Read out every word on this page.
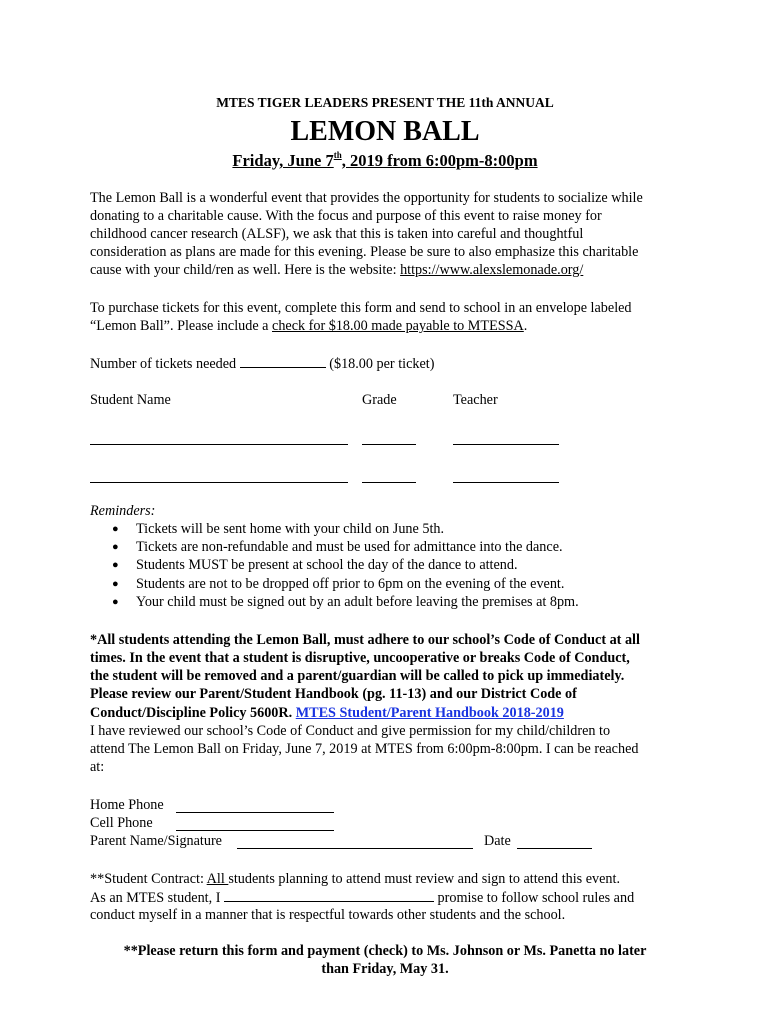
MTES TIGER LEADERS PRESENT THE 11th ANNUAL
LEMON BALL
Friday, June 7th, 2019 from 6:00pm-8:00pm
The Lemon Ball is a wonderful event that provides the opportunity for students to socialize while
donating to a charitable cause. With the focus and purpose of this event to raise money for
childhood cancer research (ALSF), we ask that this is taken into careful and thoughtful
consideration as plans are made for this evening. Please be sure to also emphasize this charitable
cause with your child/ren as well. Here is the website: https://www.alexslemonade.org/
To purchase tickets for this event, complete this form and send to school in an envelope labeled
“Lemon Ball”. Please include a check for $18.00 made payable to MTESSA.
Number of tickets needed	($18.00 per ticket)
Student Name	Grade	Teacher
Reminders:
● Tickets will be sent home with your child on June 5th.
● Tickets are non-refundable and must be used for admittance into the dance.
● Students MUST be present at school the day of the dance to attend.
● Students are not to be dropped off prior to 6pm on the evening of the event.
● Your child must be signed out by an adult before leaving the premises at 8pm.
*All students attending the Lemon Ball, must adhere to our school’s Code of Conduct at all
times. In the event that a student is disruptive, uncooperative or breaks Code of Conduct,
the student will be removed and a parent/guardian will be called to pick up immediately.
Please review our Parent/Student Handbook (pg. 11-13) and our District Code of
Conduct/Discipline Policy 5600R. MTES Student/Parent Handbook 2018-2019
I have reviewed our school’s Code of Conduct and give permission for my child/children to
attend The Lemon Ball on Friday, June 7, 2019 at MTES from 6:00pm-8:00pm. I can be reached
at:
Home Phone
Cell Phone
Parent Name/Signature	Date
**Student Contract: All students planning to attend must review and sign to attend this event.
As an MTES student, I	promise to follow school rules and
conduct myself in a manner that is respectful towards other students and the school.
**Please return this form and payment (check) to Ms. Johnson or Ms. Panetta no later
than Friday, May 31.
